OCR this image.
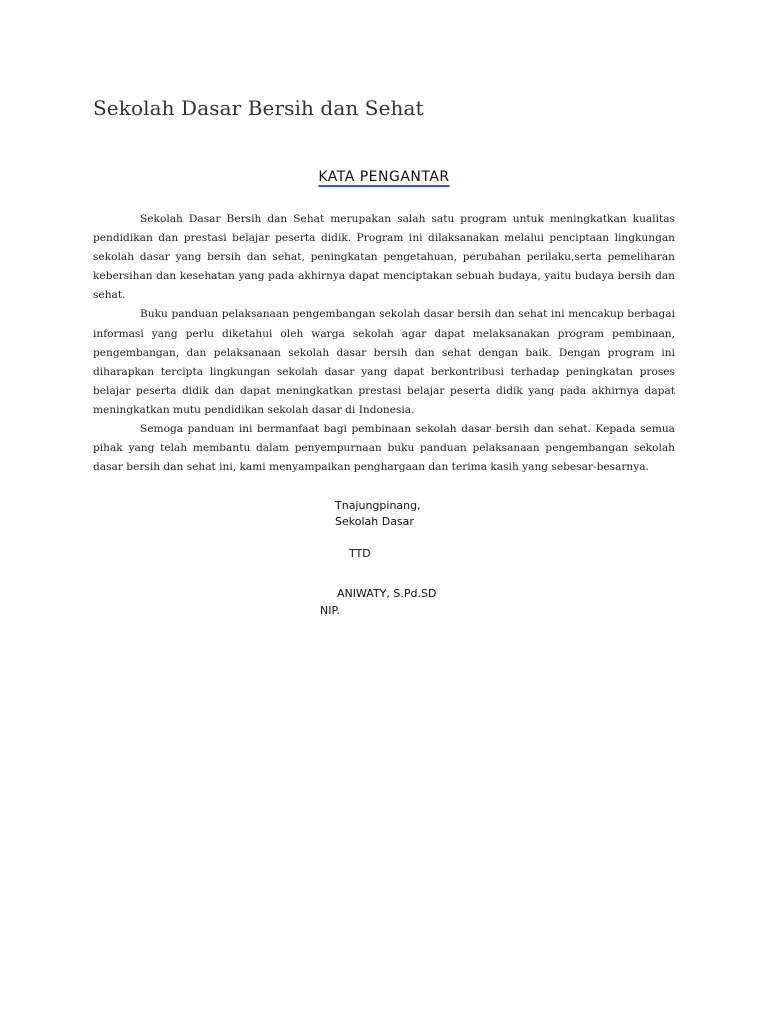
Sekolah Dasar Bersih dan Sehat
KATA PENGANTAR

Sekolah Dasar Bersih dan Sehat merupakan salah satu program untuk meningkatkan kualitas pendidikan dan prestasi belajar peserta didik. Program ini dilaksanakan melalui penciptaan lingkungan sekolah dasar yang bersih dan sehat, peningkatan pengetahuan, perubahan perilaku,serta pemeliharan kebersihan dan kesehatan yang pada akhirnya dapat menciptakan sebuah budaya, yaitu budaya bersih dan sehat.

Buku panduan pelaksanaan pengembangan sekolah dasar bersih dan sehat ini mencakup berbagai informasi yang perlu diketahui oleh warga sekolah agar dapat melaksanakan program pembinaan, pengembangan, dan pelaksanaan sekolah dasar bersih dan sehat dengan baik. Dengan program ini diharapkan tercipta lingkungan sekolah dasar yang dapat berkontribusi terhadap peningkatan proses belajar peserta didik dan dapat meningkatkan prestasi belajar peserta didik yang pada akhirnya dapat meningkatkan mutu pendidikan sekolah dasar di Indonesia.

Semoga panduan ini bermanfaat bagi pembinaan sekolah dasar bersih dan sehat. Kepada semua pihak yang telah membantu dalam penyempurnaan buku panduan pelaksanaan pengembangan sekolah dasar bersih dan sehat ini, kami menyampaikan penghargaan dan terima kasih yang sebesar-besarnya.

Tnajungpinang,
Sekolah Dasar
TTD
ANIWATY, S.Pd.SD
NIP.
